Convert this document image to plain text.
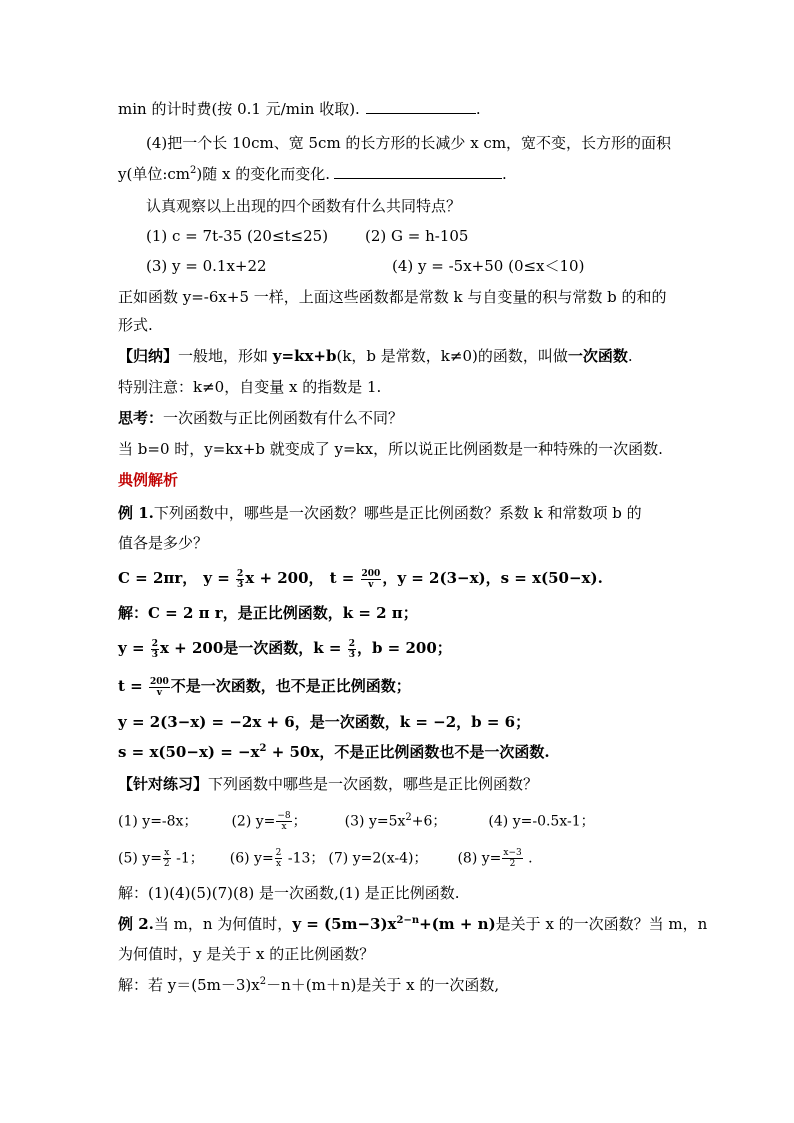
min 的计时费(按 0.1 元/min 收取).	.
(4)把一个长 10cm、宽 5cm 的长方形的长减少 x cm，宽不变，长方形的面积
y(单位$:cm^2$)随 x 的变化而变化.	.
认真观察以上出现的四个函数有什么共同特点？
(1) c = 7t-35 (20≤t≤25) (2) G = h-105
(3) y = 0.1x+22	(4) y = -5x+50 (0≤x＜10)
正如函数 y=-6x+5 一样，上面这些函数都是常数 k 与自变量的积与常数 b 的和的
形式.
【归纳】一般地，形如 y=kx+b(k，b 是常数，k≠0)的函数，叫做一次函数.
特别注意：k≠0，自变量 x 的指数是 1.
思考：一次函数与正比例函数有什么不同？
当 b=0 时，y=kx+b 就变成了 y=kx，所以说正比例函数是一种特殊的一次函数.
典例解析
例 1.下列函数中，哪些是一次函数？哪些是正比例函数？系数 k 和常数项 b 的
值各是多少？
C = 2πr， $y = \frac{2}{3}$ x + 200， $t = \frac{200}{v}$ ，y = 2(3−x)，s = x(50−x).
解：C = 2 π r，是正比例函数，k = 2 π；
$y = \frac{2}{3}$ x + 200是一次函数，$k = \frac{2}{3}$ ，b = 200；
$t = \frac{200}{v}$ 不是一次函数，也不是正比例函数；
y = 2(3−x) = −2x + 6，是一次函数，k = −2，b = 6；
$s = x(50-x) = -x^2 + 50x$，不是正比例函数也不是一次函数.
【针对练习】下列函数中哪些是一次函数，哪些是正比例函数？
(1) y=-8x； (2) $y= \frac{-8}{x}$ ；	(3) $y=5x^2+6$；	(4) y=-0.5x-1；
(5) $y= \frac{x}{2} -1$； (6) $y= \frac{2}{x} -13$； (7) y=2(x-4)； (8) $y= \frac{x-3}{2}$ .
解：(1)(4)(5)(7)(8) 是一次函数,(1) 是正比例函数.
例 2.当 m，n 为何值时，$y = (5m-3)x^{2-n}+(m + n)$是关于 x 的一次函数？当 m，n
为何值时，y 是关于 x 的正比例函数？
解：若 $y=(5m-3)x^2-n+(m+n)$是关于 x 的一次函数,
